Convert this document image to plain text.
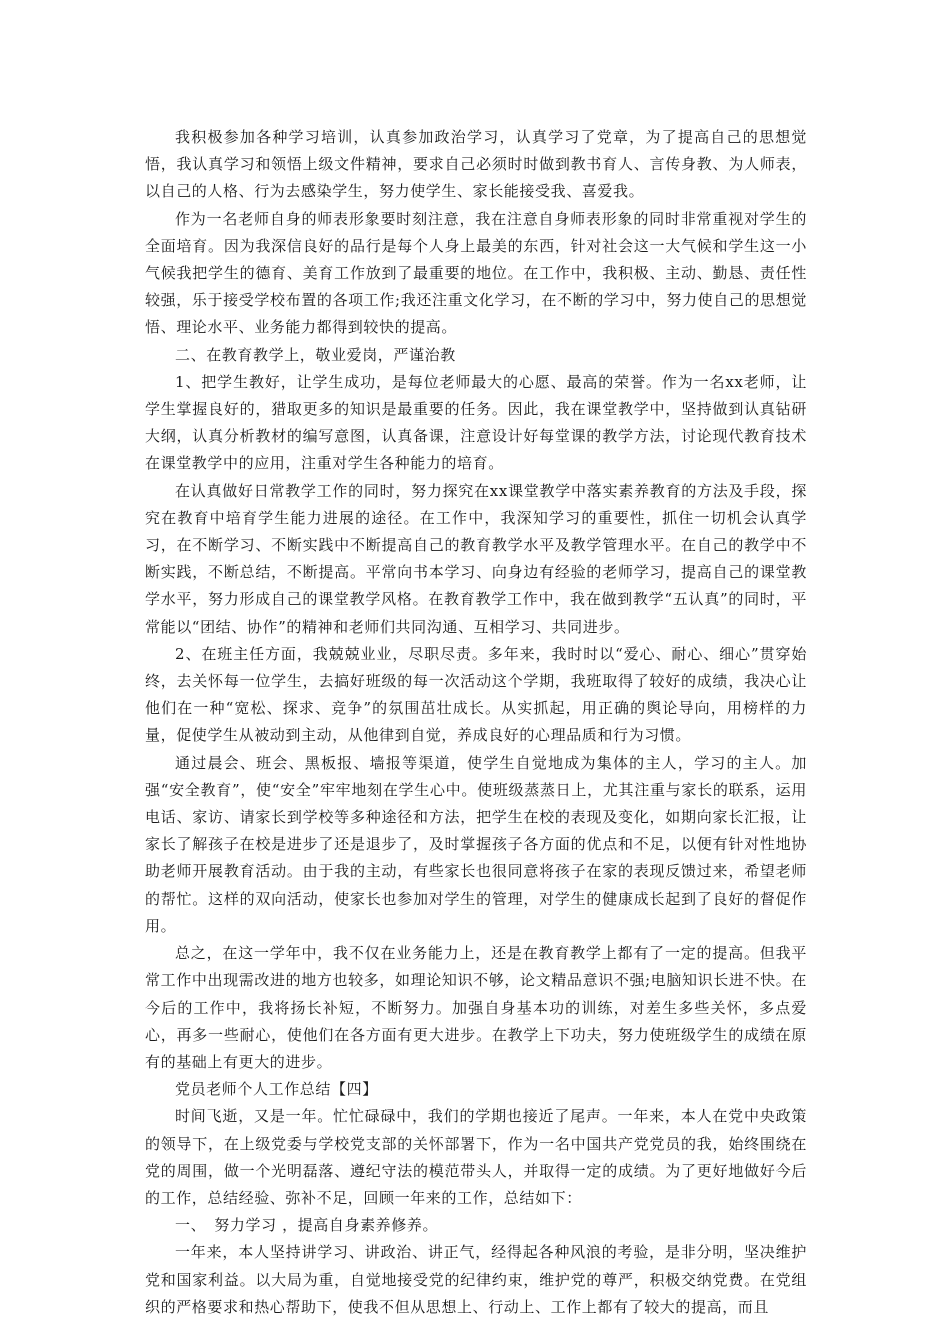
我积极参加各种学习培训，认真参加政治学习，认真学习了党章，为了提高自己的思想觉悟，我认真学习和领悟上级文件精神，要求自己必须时时做到教书育人、言传身教、为人师表，以自己的人格、行为去感染学生，努力使学生、家长能接受我、喜爱我。

作为一名老师自身的师表形象要时刻注意，我在注意自身师表形象的同时非常重视对学生的全面培育。因为我深信良好的品行是每个人身上最美的东西，针对社会这一大气候和学生这一小气候我把学生的德育、美育工作放到了最重要的地位。在工作中，我积极、主动、勤恳、责任性较强，乐于接受学校布置的各项工作;我还注重文化学习，在不断的学习中，努力使自己的思想觉悟、理论水平、业务能力都得到较快的提高。

二、在教育教学上，敬业爱岗，严谨治教

1、把学生教好，让学生成功，是每位老师最大的心愿、最高的荣誉。作为一名xx老师，让学生掌握良好的，猎取更多的知识是最重要的任务。因此，我在课堂教学中，坚持做到认真钻研大纲，认真分析教材的编写意图，认真备课，注意设计好每堂课的教学方法，讨论现代教育技术在课堂教学中的应用，注重对学生各种能力的培育。

在认真做好日常教学工作的同时，努力探究在xx课堂教学中落实素养教育的方法及手段，探究在教育中培育学生能力进展的途径。在工作中，我深知学习的重要性，抓住一切机会认真学习，在不断学习、不断实践中不断提高自己的教育教学水平及教学管理水平。在自己的教学中不断实践，不断总结，不断提高。平常向书本学习、向身边有经验的老师学习，提高自己的课堂教学水平，努力形成自己的课堂教学风格。在教育教学工作中，我在做到教学“五认真”的同时，平常能以“团结、协作”的精神和老师们共同沟通、互相学习、共同进步。

2、在班主任方面，我兢兢业业，尽职尽责。多年来，我时时以“爱心、耐心、细心”贯穿始终，去关怀每一位学生，去搞好班级的每一次活动这个学期，我班取得了较好的成绩，我决心让他们在一种“宽松、探求、竞争”的氛围茁壮成长。从实抓起，用正确的舆论导向，用榜样的力量，促使学生从被动到主动，从他律到自觉，养成良好的心理品质和行为习惯。

通过晨会、班会、黑板报、墙报等渠道，使学生自觉地成为集体的主人，学习的主人。加强“安全教育”，使“安全”牢牢地刻在学生心中。使班级蒸蒸日上，尤其注重与家长的联系，运用电话、家访、请家长到学校等多种途径和方法，把学生在校的表现及变化，如期向家长汇报，让家长了解孩子在校是进步了还是退步了，及时掌握孩子各方面的优点和不足，以便有针对性地协助老师开展教育活动。由于我的主动，有些家长也很同意将孩子在家的表现反馈过来，希望老师的帮忙。这样的双向活动，使家长也参加对学生的管理，对学生的健康成长起到了良好的督促作用。

总之，在这一学年中，我不仅在业务能力上，还是在教育教学上都有了一定的提高。但我平常工作中出现需改进的地方也较多，如理论知识不够，论文精品意识不强;电脑知识长进不快。在今后的工作中，我将扬长补短，不断努力。加强自身基本功的训练，对差生多些关怀，多点爱心，再多一些耐心，使他们在各方面有更大进步。在教学上下功夫，努力使班级学生的成绩在原有的基础上有更大的进步。

党员老师个人工作总结【四】

时间飞逝，又是一年。忙忙碌碌中，我们的学期也接近了尾声。一年来，本人在党中央政策的领导下，在上级党委与学校党支部的关怀部署下，作为一名中国共产党党员的我，始终围绕在党的周围，做一个光明磊落、遵纪守法的模范带头人，并取得一定的成绩。为了更好地做好今后的工作，总结经验、弥补不足，回顾一年来的工作，总结如下：

一、　努力学习 ，提高自身素养修养。

一年来，本人坚持讲学习、讲政治、讲正气，经得起各种风浪的考验，是非分明，坚决维护党和国家利益。以大局为重，自觉地接受党的纪律约束，维护党的尊严，积极交纳党费。在党组织的严格要求和热心帮助下，使我不但从思想上、行动上、工作上都有了较大的提高，而且
